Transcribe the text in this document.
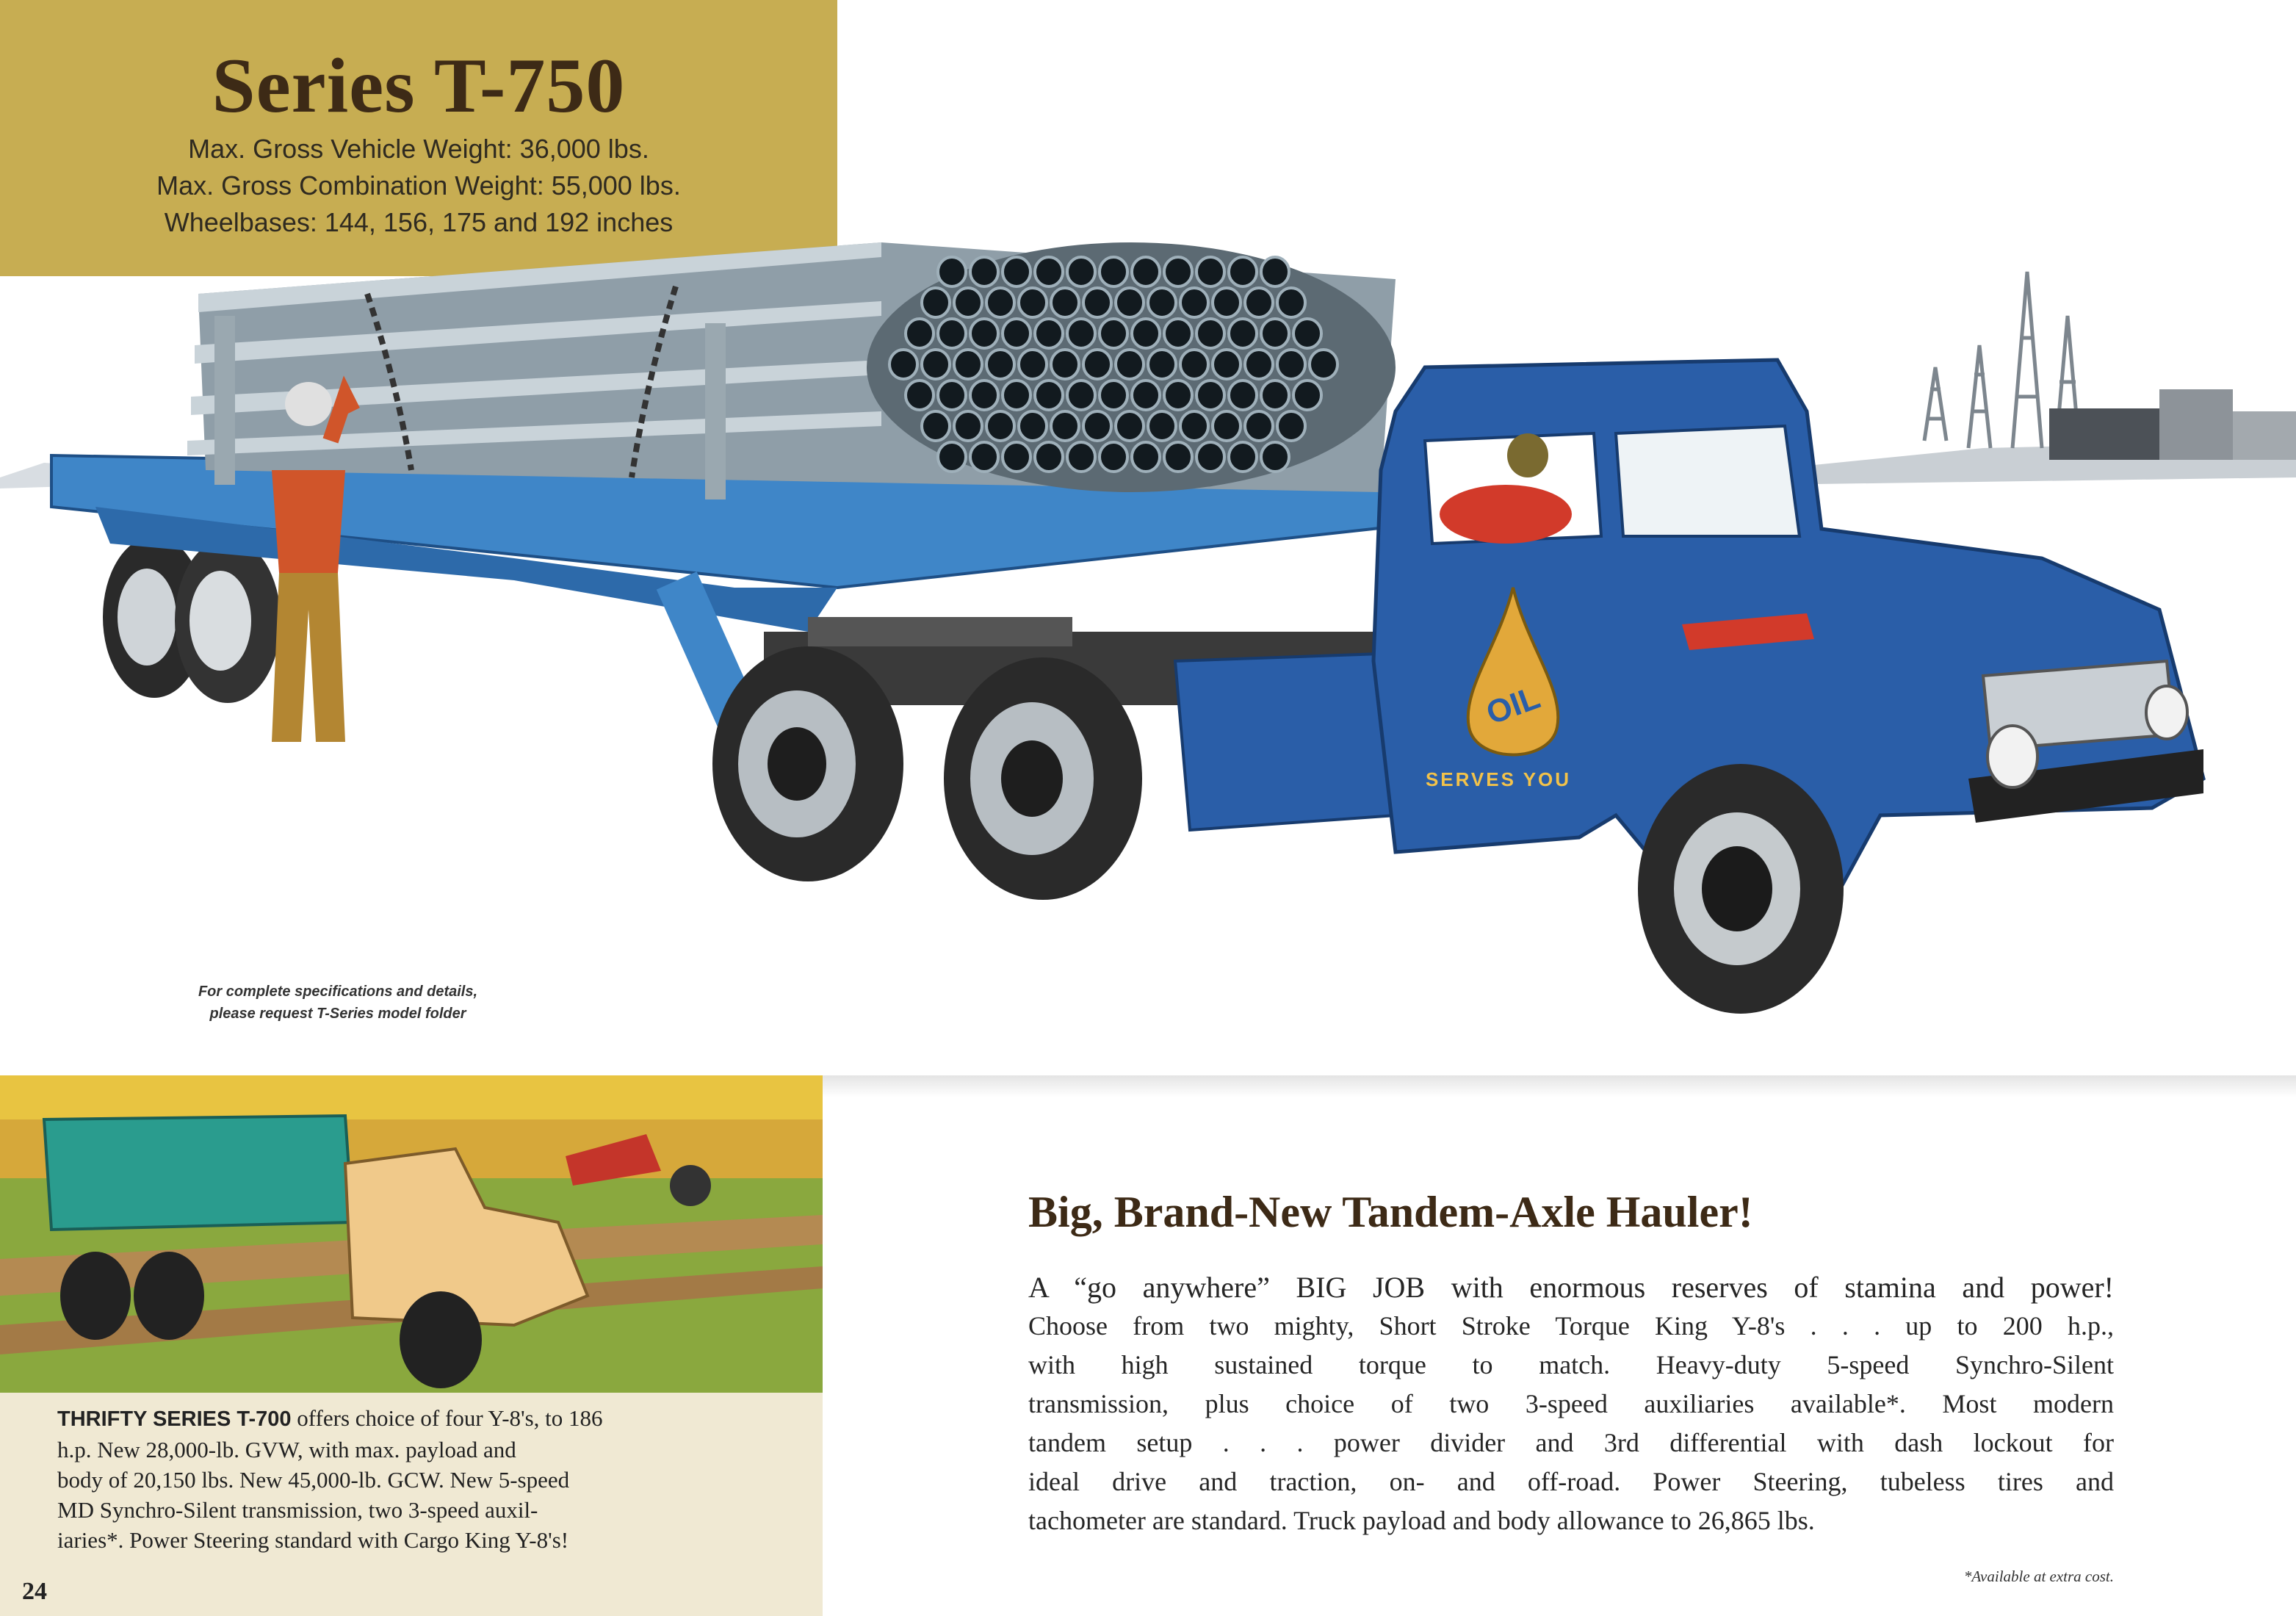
Series T-750
Max. Gross Vehicle Weight: 36,000 lbs.
Max. Gross Combination Weight: 55,000 lbs.
Wheelbases: 144, 156, 175 and 192 inches
OIL
SERVES YOU
For complete specifications and details,
please request T-Series model folder
THRIFTY SERIES T-700 offers choice of four Y-8's, to 186
h.p. New 28,000-lb. GVW, with max. payload and
body of 20,150 lbs. New 45,000-lb. GCW. New 5-speed
MD Synchro-Silent transmission, two 3-speed auxil-
iaries*. Power Steering standard with Cargo King Y-8's!
24
Big, Brand-New Tandem-Axle Hauler!
A “go anywhere” BIG JOB with enormous reserves of stamina and power!
Choose from two mighty, Short Stroke Torque King Y-8's . . . up to 200 h.p.,
with high sustained torque to match. Heavy-duty 5-speed Synchro-Silent
transmission, plus choice of two 3-speed auxiliaries available*. Most modern
tandem setup . . . power divider and 3rd differential with dash lockout for
ideal drive and traction, on- and off-road. Power Steering, tubeless tires and
tachometer are standard. Truck payload and body allowance to 26,865 lbs.
*Available at extra cost.
